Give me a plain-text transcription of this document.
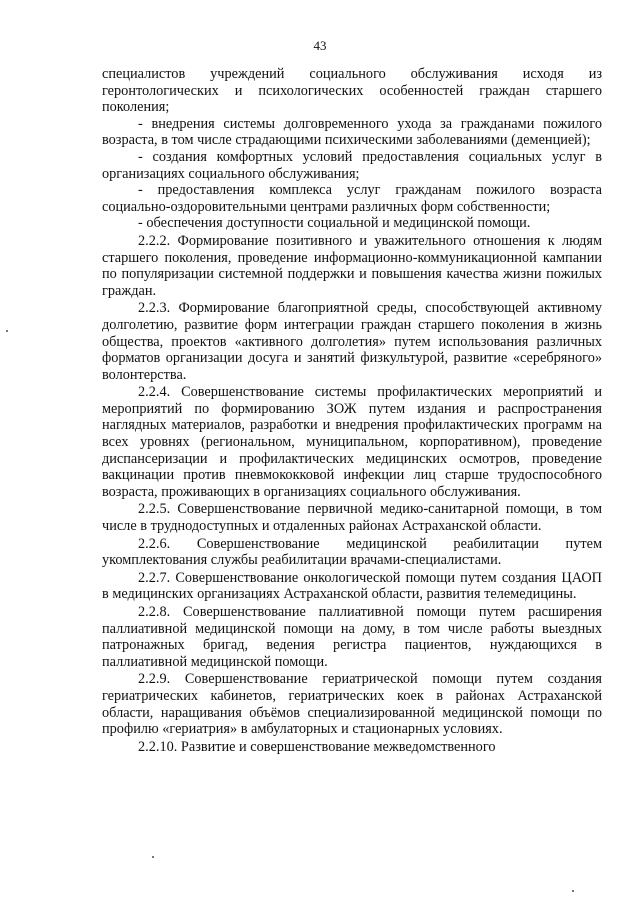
43

специалистов учреждений социального обслуживания исходя из геронтологических и психологических особенностей граждан старшего поколения;

- внедрения системы долговременного ухода за гражданами пожилого возраста, в том числе страдающими психическими заболеваниями (деменцией);

- создания комфортных условий предоставления социальных услуг в организациях социального обслуживания;

- предоставления комплекса услуг гражданам пожилого возраста социально-оздоровительными центрами различных форм собственности;

- обеспечения доступности социальной и медицинской помощи.

2.2.2. Формирование позитивного и уважительного отношения к людям старшего поколения, проведение информационно-коммуникационной кампании по популяризации системной поддержки и повышения качества жизни пожилых граждан.

2.2.3. Формирование благоприятной среды, способствующей активному долголетию, развитие форм интеграции граждан старшего поколения в жизнь общества, проектов «активного долголетия» путем использования различных форматов организации досуга и занятий физкультурой, развитие «серебряного» волонтерства.

2.2.4. Совершенствование системы профилактических мероприятий и мероприятий по формированию ЗОЖ путем издания и распространения наглядных материалов, разработки и внедрения профилактических программ на всех уровнях (региональном, муниципальном, корпоративном), проведение диспансеризации и профилактических медицинских осмотров, проведение вакцинации против пневмококковой инфекции лиц старше трудоспособного возраста, проживающих в организациях социального обслуживания.

2.2.5. Совершенствование первичной медико-санитарной помощи, в том числе в труднодоступных и отдаленных районах Астраханской области.

2.2.6. Совершенствование медицинской реабилитации путем укомплектования службы реабилитации врачами-специалистами.

2.2.7. Совершенствование онкологической помощи путем создания ЦАОП в медицинских организациях Астраханской области, развития телемедицины.

2.2.8. Совершенствование паллиативной помощи путем расширения паллиативной медицинской помощи на дому, в том числе работы выездных патронажных бригад, ведения регистра пациентов, нуждающихся в паллиативной медицинской помощи.

2.2.9. Совершенствование гериатрической помощи путем создания гериатрических кабинетов, гериатрических коек в районах Астраханской области, наращивания объёмов специализированной медицинской помощи по профилю «гериатрия» в амбулаторных и стационарных условиях.

2.2.10. Развитие и совершенствование межведомственного
